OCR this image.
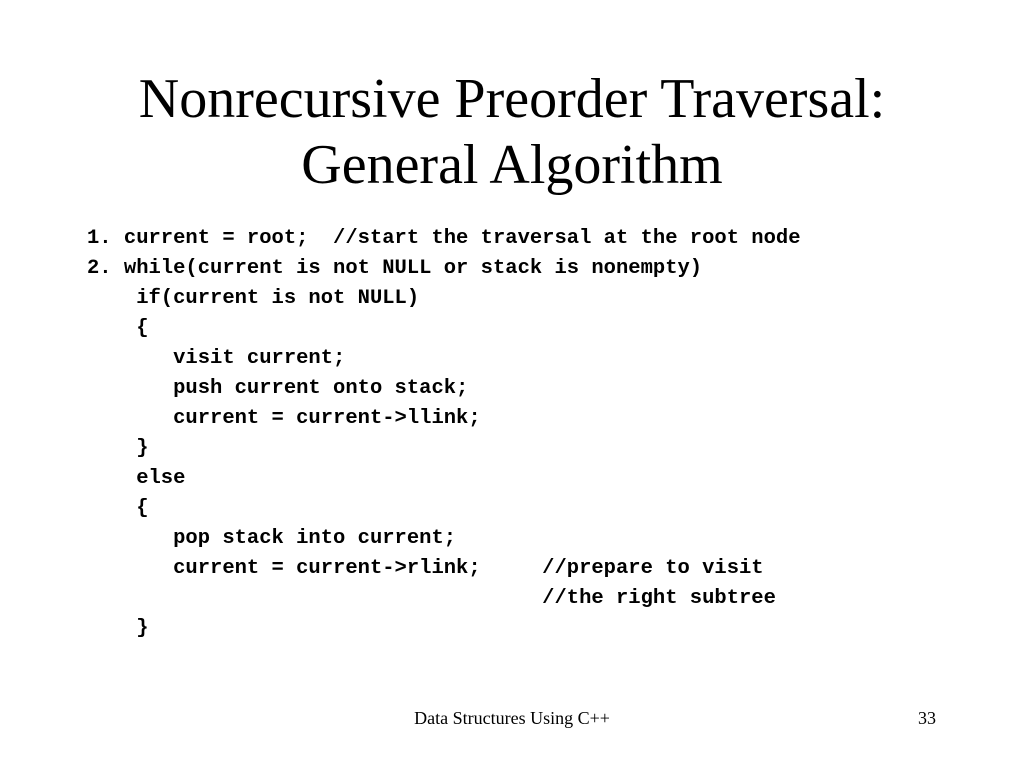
Nonrecursive Preorder Traversal:
General Algorithm
1. current = root;  //start the traversal at the root node
2. while(current is not NULL or stack is nonempty)
if(current is not NULL)
{
visit current;
push current onto stack;
current = current->llink;
}
else
{
pop stack into current;
current = current->rlink;     //prepare to visit
//the right subtree
}
Data Structures Using C++	33
